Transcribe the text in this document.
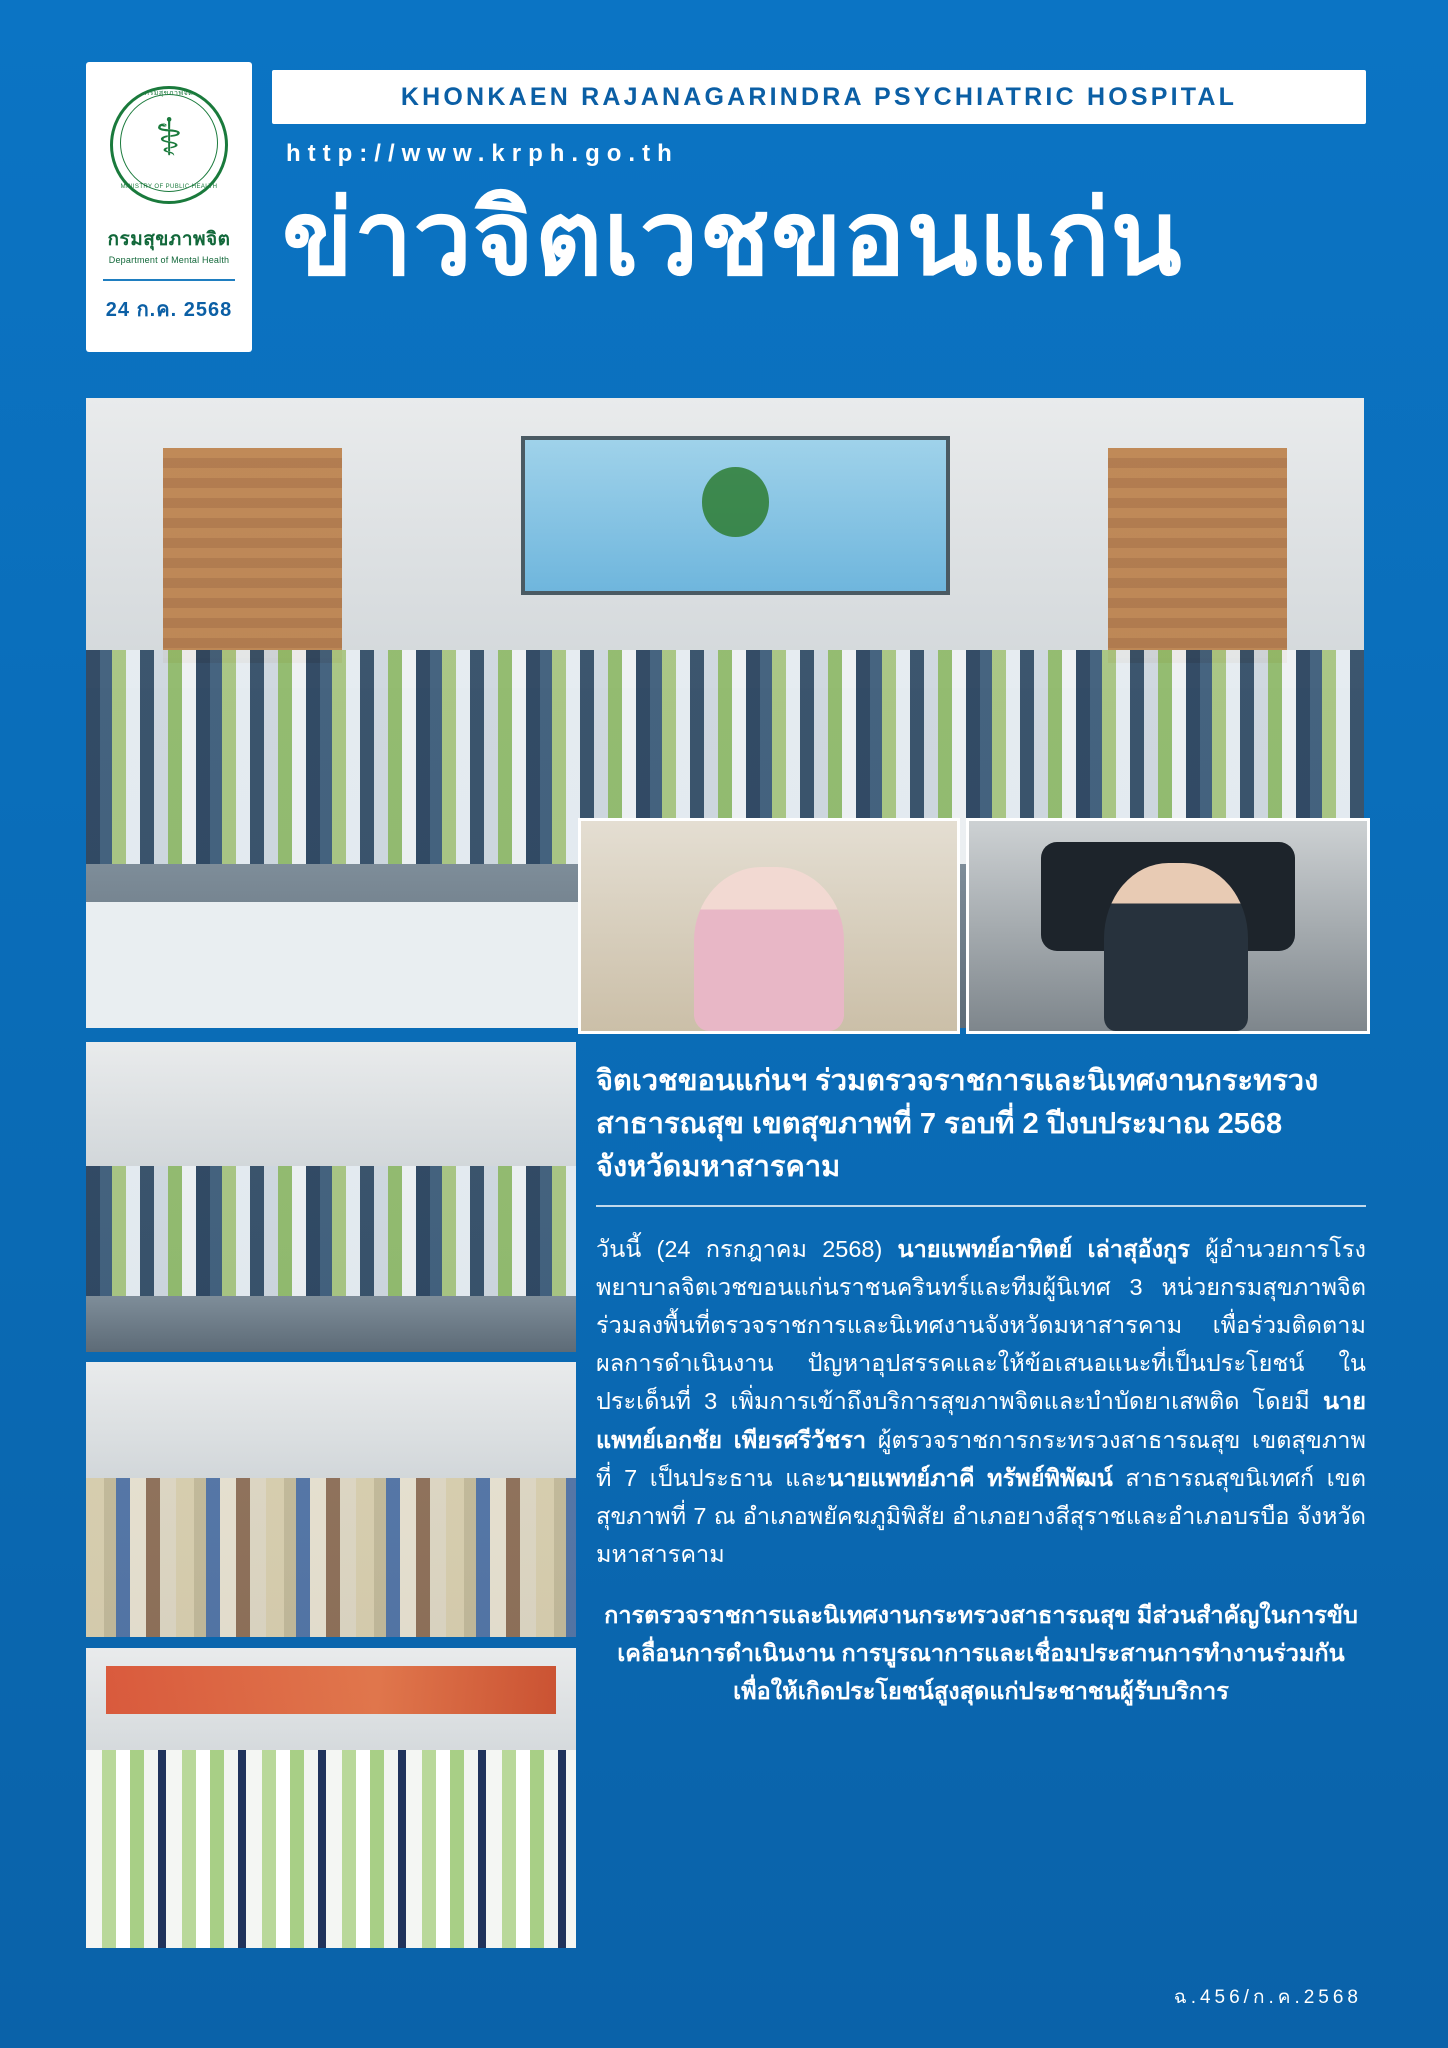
กรมสุขภาพจิต
⚕
MINISTRY OF PUBLIC HEALTH
กรมสุขภาพจิต
Department of Mental Health
24 ก.ค. 2568
KHONKAEN RAJANAGARINDRA PSYCHIATRIC HOSPITAL
http://www.krph.go.th
ข่าวจิตเวชขอนแก่น
จิตเวชขอนแก่นฯ ร่วมตรวจราชการและนิเทศงานกระทรวงสาธารณสุข เขตสุขภาพที่ 7 รอบที่ 2 ปีงบประมาณ 2568 จังหวัดมหาสารคาม

วันนี้ (24 กรกฎาคม 2568) นายแพทย์อาทิตย์ เล่าสุอังกูร ผู้อำนวยการโรงพยาบาลจิตเวชขอนแก่นราชนครินทร์และทีมผู้นิเทศ 3 หน่วยกรมสุขภาพจิต ร่วมลงพื้นที่ตรวจราชการและนิเทศงานจังหวัดมหาสารคาม เพื่อร่วมติดตามผลการดำเนินงาน ปัญหาอุปสรรคและให้ข้อเสนอแนะที่เป็นประโยชน์ ในประเด็นที่ 3 เพิ่มการเข้าถึงบริการสุขภาพจิตและบำบัดยาเสพติด โดยมี นายแพทย์เอกชัย เพียรศรีวัชรา ผู้ตรวจราชการกระทรวงสาธารณสุข เขตสุขภาพที่ 7 เป็นประธาน และนายแพทย์ภาคี ทรัพย์พิพัฒน์ สาธารณสุขนิเทศก์ เขตสุขภาพที่ 7 ณ อำเภอพยัคฆภูมิพิสัย อำเภอยางสีสุราชและอำเภอบรบือ จังหวัดมหาสารคาม

การตรวจราชการและนิเทศงานกระทรวงสาธารณสุข มีส่วนสำคัญในการขับเคลื่อนการดำเนินงาน การบูรณาการและเชื่อมประสานการทำงานร่วมกัน เพื่อให้เกิดประโยชน์สูงสุดแก่ประชาชนผู้รับบริการ

ฉ.456/ก.ค.2568
